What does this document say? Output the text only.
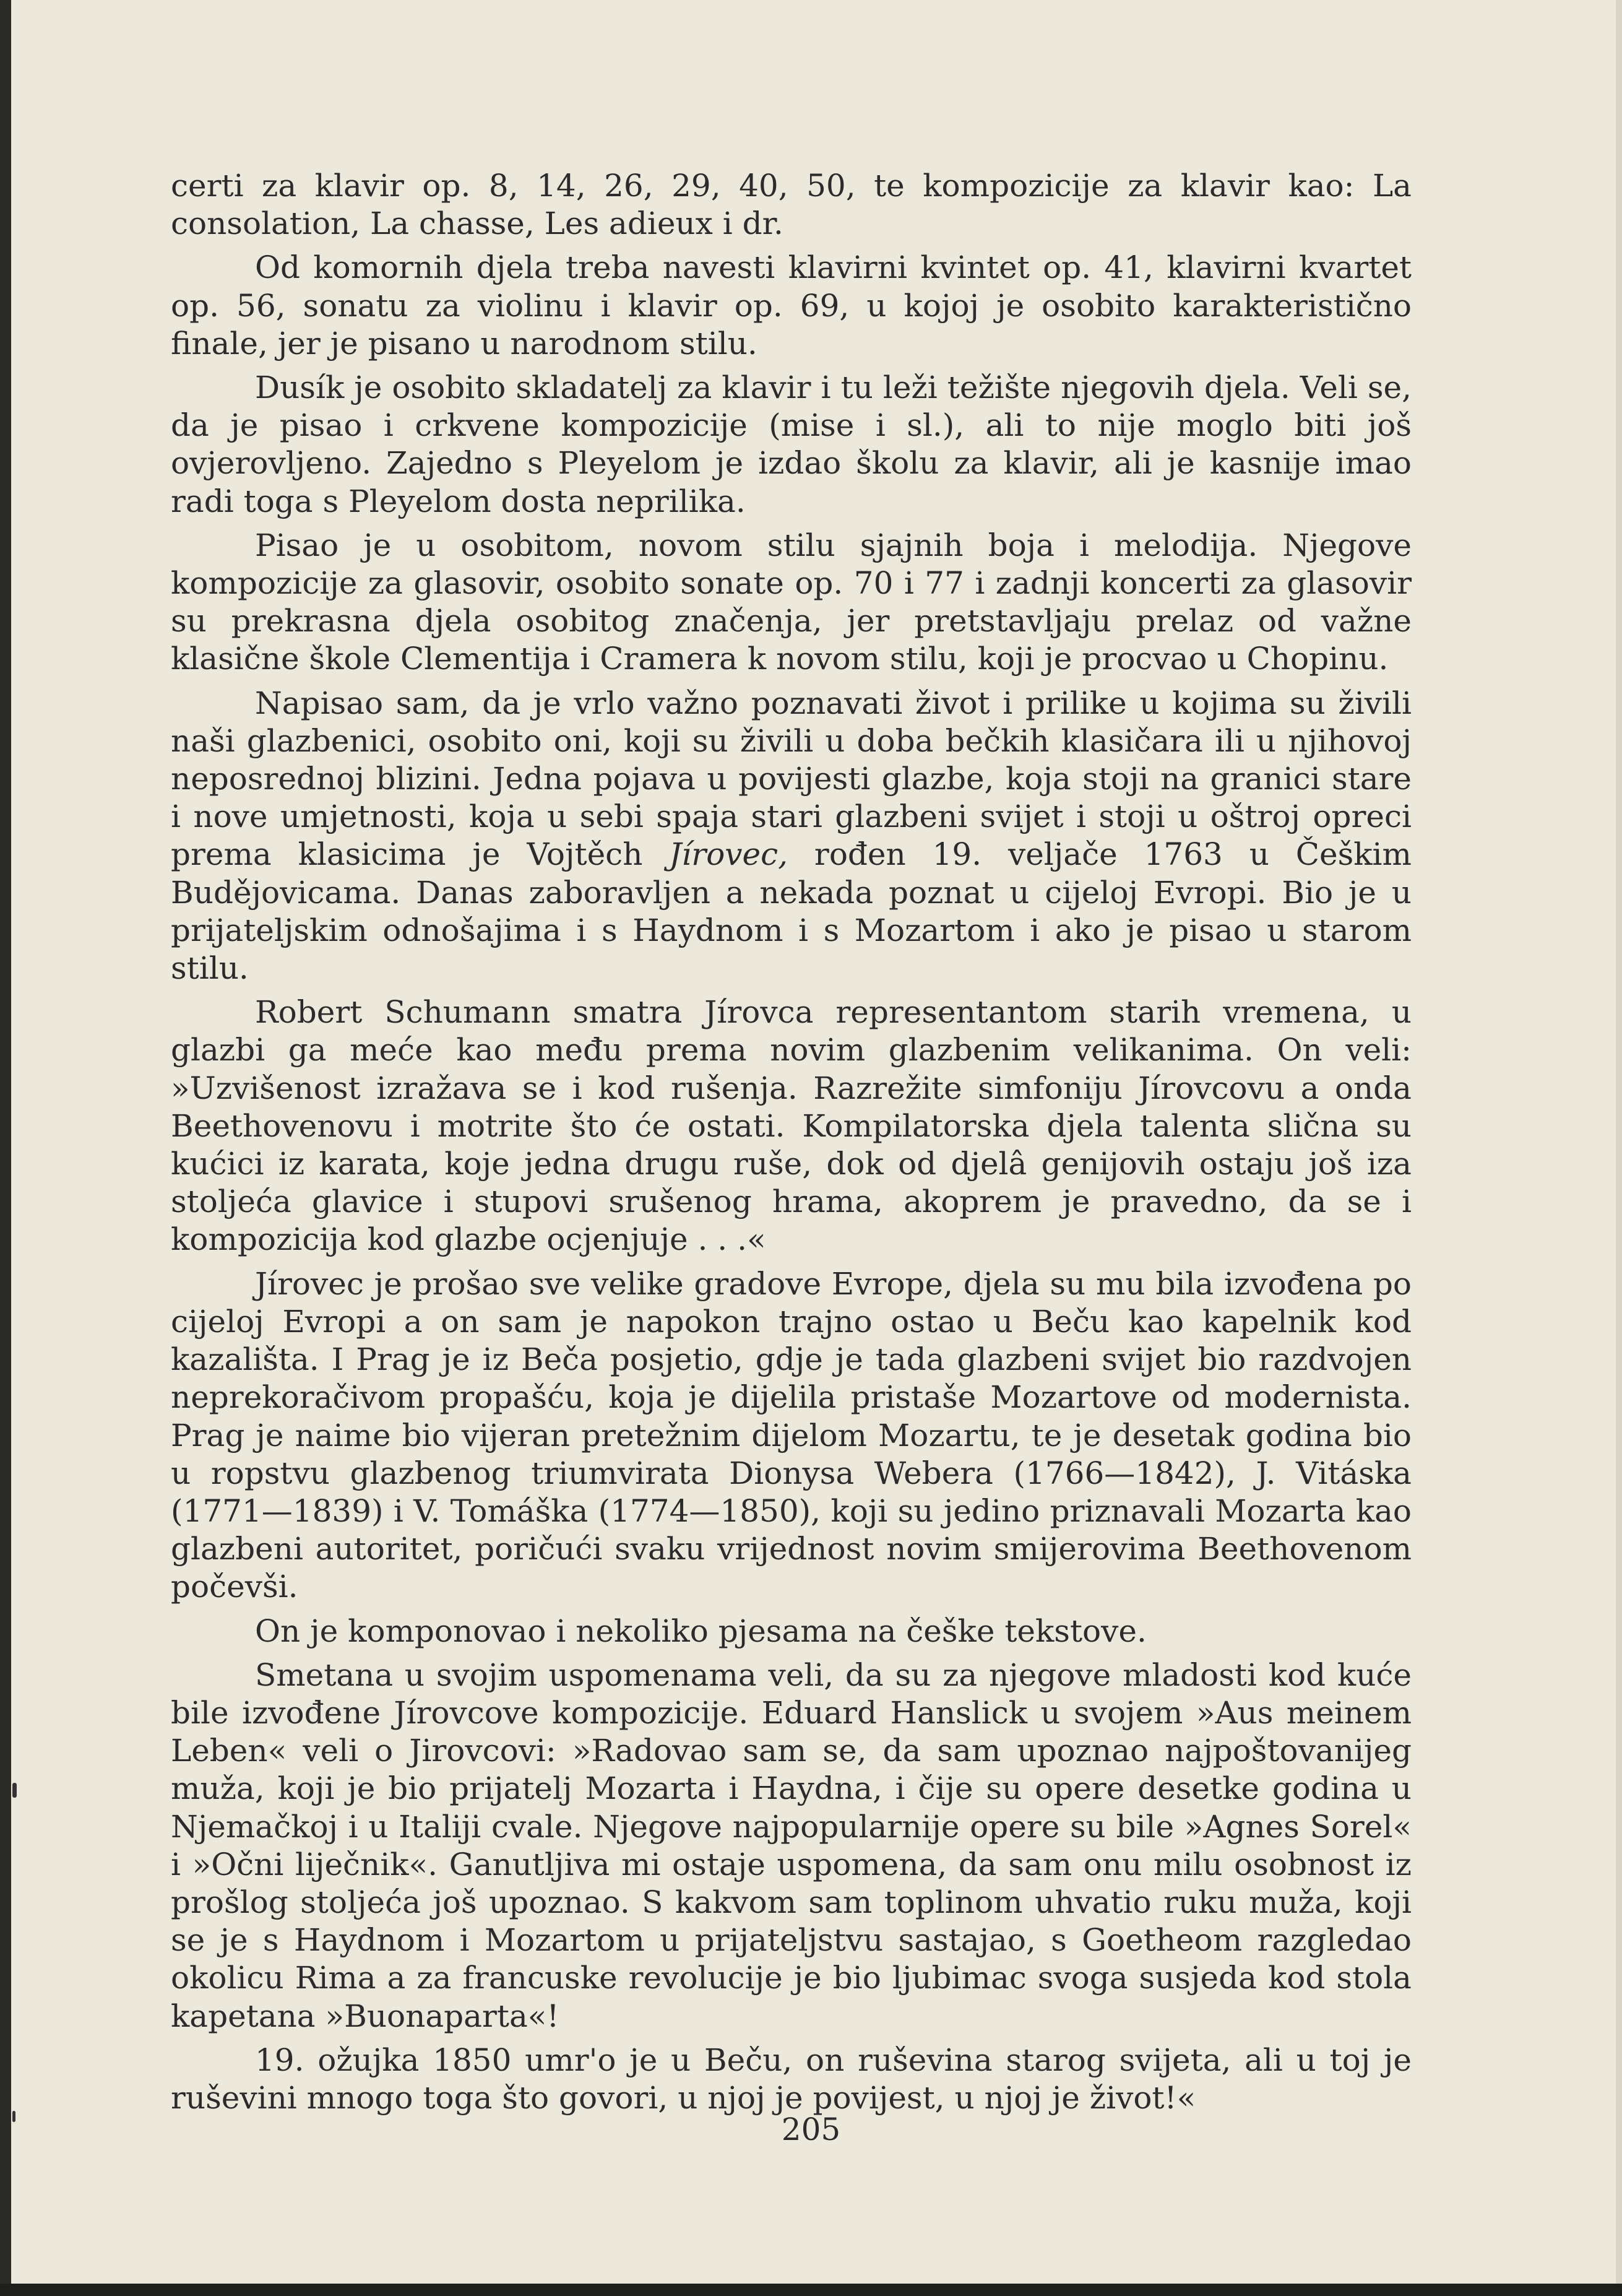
certi za klavir op. 8, 14, 26, 29, 40, 50, te kompozicije za klavir kao: La consolation, La chasse, Les adieux i dr.

Od komornih djela treba navesti klavirni kvintet op. 41, klavirni kvartet op. 56, sonatu za violinu i klavir op. 69, u kojoj je osobito karakteristično finale, jer je pisano u narodnom stilu.

Dusík je osobito skladatelj za klavir i tu leži težište njegovih djela. Veli se, da je pisao i crkvene kompozicije (mise i sl.), ali to nije moglo biti još ovjerovljeno. Zajedno s Pleyelom je izdao školu za klavir, ali je kasnije imao radi toga s Pleyelom dosta neprilika.

Pisao je u osobitom, novom stilu sjajnih boja i melodija. Njegove kompozicije za glasovir, osobito sonate op. 70 i 77 i zadnji koncerti za glasovir su prekrasna djela osobitog značenja, jer pretstavljaju prelaz od važne klasične škole Clementija i Cramera k novom stilu, koji je procvao u Chopinu.

Napisao sam, da je vrlo važno poznavati život i prilike u kojima su živili naši glazbenici, osobito oni, koji su živili u doba bečkih klasičara ili u njihovoj neposrednoj blizini. Jedna pojava u povijesti glazbe, koja stoji na granici stare i nove umjetnosti, koja u sebi spaja stari glazbeni svijet i stoji u oštroj opreci prema klasicima je Vojtěch Jírovec, rođen 19. veljače 1763 u Češkim Budějovicama. Danas zaboravljen a nekada poznat u cijeloj Evropi. Bio je u prijateljskim odnošajima i s Haydnom i s Mozartom i ako je pisao u starom stilu.

Robert Schumann smatra Jírovca representantom starih vremena, u glazbi ga meće kao među prema novim glazbenim velikanima. On veli: »Uzvišenost izražava se i kod rušenja. Razrežite simfoniju Jírovcovu a onda Beethovenovu i motrite što će ostati. Kompilatorska djela talenta slična su kućici iz karata, koje jedna drugu ruše, dok od djelâ genijovih ostaju još iza stoljeća glavice i stupovi srušenog hrama, akoprem je pravedno, da se i kompozicija kod glazbe ocjenjuje . . .«

Jírovec je prošao sve velike gradove Evrope, djela su mu bila izvođena po cijeloj Evropi a on sam je napokon trajno ostao u Beču kao kapelnik kod kazališta. I Prag je iz Beča posjetio, gdje je tada glazbeni svijet bio razdvojen neprekoračivom propašću, koja je dijelila pristaše Mozartove od modernista. Prag je naime bio vijeran pretežnim dijelom Mozartu, te je desetak godina bio u ropstvu glazbenog triumvirata Dionysa Webera (1766—1842), J. Vitáska (1771—1839) i V. Tomáška (1774—1850), koji su jedino priznavali Mozarta kao glazbeni autoritet, poričući svaku vrijednost novim smijerovima Beethovenom počevši.

On je komponovao i nekoliko pjesama na češke tekstove.

Smetana u svojim uspomenama veli, da su za njegove mladosti kod kuće bile izvođene Jírovcove kompozicije. Eduard Hanslick u svojem »Aus meinem Leben« veli o Jirovcovi: »Radovao sam se, da sam upoznao najpoštovanijeg muža, koji je bio prijatelj Mozarta i Haydna, i čije su opere desetke godina u Njemačkoj i u Italiji cvale. Njegove najpopularnije opere su bile »Agnes Sorel« i »Očni liječnik«. Ganutljiva mi ostaje uspomena, da sam onu milu osobnost iz prošlog stoljeća još upoznao. S kakvom sam toplinom uhvatio ruku muža, koji se je s Haydnom i Mozartom u prijateljstvu sastajao, s Goetheom razgledao okolicu Rima a za francuske revolucije je bio ljubimac svoga susjeda kod stola kapetana »Buonaparta«!

19. ožujka 1850 umr'o je u Beču, on ruševina starog svijeta, ali u toj je ruševini mnogo toga što govori, u njoj je povijest, u njoj je život!«

205
